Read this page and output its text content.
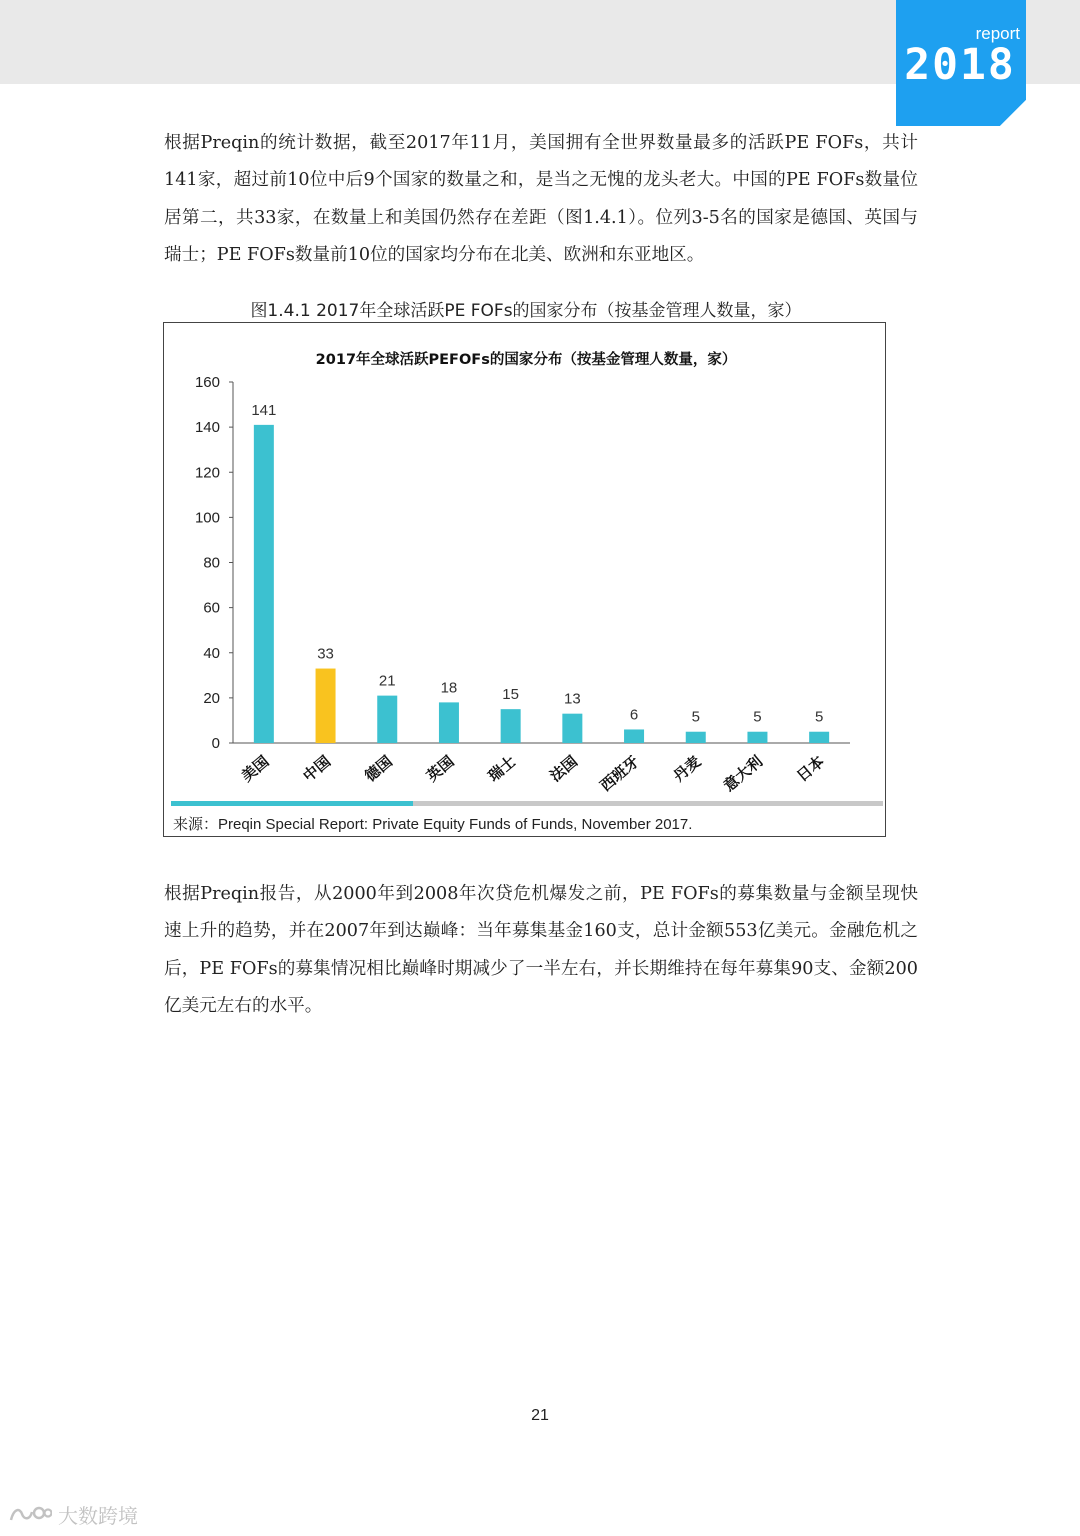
report
2018

根据Preqin的统计数据，截至2017年11月，美国拥有全世界数量最多的活跃PE FOFs，共计141家，超过前10位中后9个国家的数量之和，是当之无愧的龙头老大。中国的PE FOFs数量位居第二，共33家，在数量上和美国仍然存在差距（图1.4.1）。位列3-5名的国家是德国、英国与瑞士；PE FOFs数量前10位的国家均分布在北美、欧洲和东亚地区。

图1.4.1 2017年全球活跃PE FOFs的国家分布（按基金管理人数量，家）
2017年全球活跃PEFOFs的国家分布（按基金管理人数量，家）
0
20
40
60
80
100
120
140
160
141
美国
33
中国
21
德国
18
英国
15
瑞士
13
法国
6
西班牙
5
丹麦
5
意大利
5
日本
来源：Preqin Special Report: Private Equity Funds of Funds, November 2017.

根据Preqin报告，从2000年到2008年次贷危机爆发之前，PE FOFs的募集数量与金额呈现快速上升的趋势，并在2007年到达巅峰：当年募集基金160支，总计金额553亿美元。金融危机之后，PE FOFs的募集情况相比巅峰时期减少了一半左右，并长期维持在每年募集90支、金额200亿美元左右的水平。

21
大数跨境
